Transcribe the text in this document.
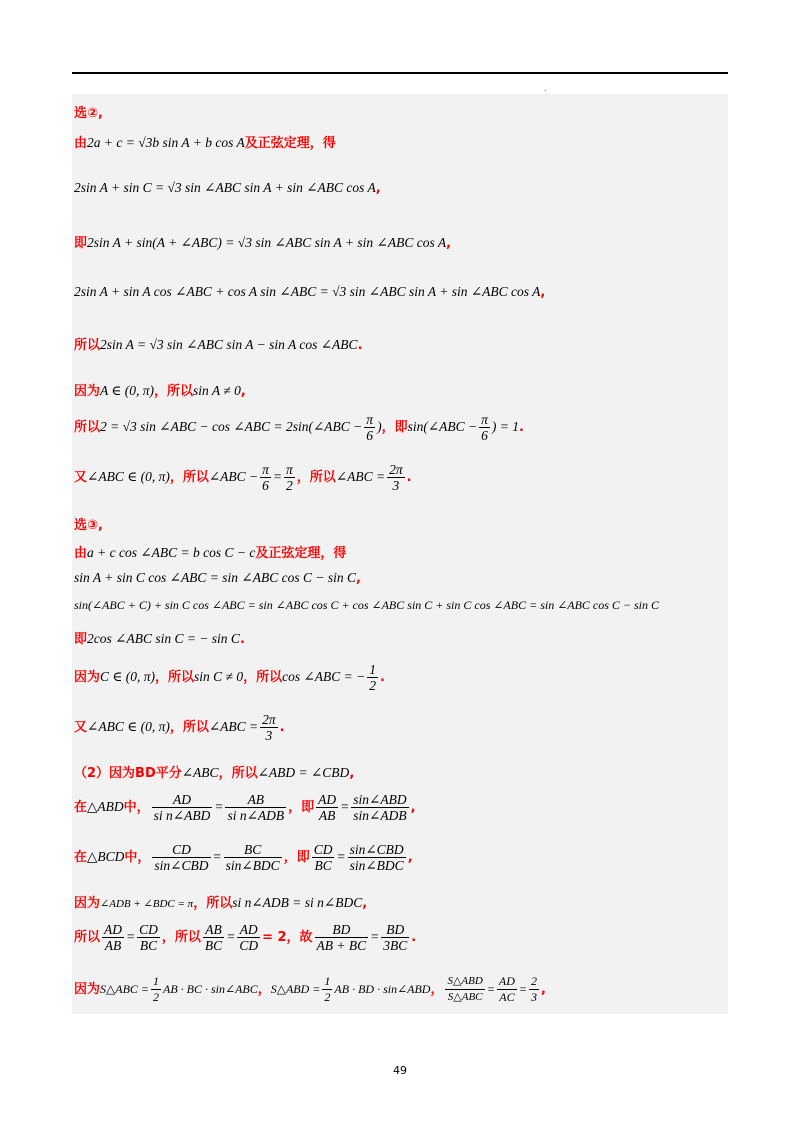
.
选②,
由2a + c = √3b sin A + b cos A及正弦定理，得
2sin A + sin C = √3 sin ∠ABC sin A + sin ∠ABC cos A,
即2sin A + sin(A + ∠ABC) = √3 sin ∠ABC sin A + sin ∠ABC cos A,
2sin A + sin A cos ∠ABC + cos A sin ∠ABC = √3 sin ∠ABC sin A + sin ∠ABC cos A,
所以2sin A = √3 sin ∠ABC sin A − sin A cos ∠ABC.
因为A ∈ (0, π)，所以sin A ≠ 0,
所以2 = √3 sin ∠ABC − cos ∠ABC = 2sin(∠ABC − $\frac{\pi}{6}$ )，即sin(∠ABC − $\frac{\pi}{6}$ ) = 1.
又∠ABC ∈ (0, π)，所以∠ABC − $\frac{\pi}{6} = \frac{\pi}{2}$ ，所以∠ABC = $\frac{2\pi}{3}$ .
选③,
由a + c cos ∠ABC = b cos C − c及正弦定理，得
sin A + sin C cos ∠ABC = sin ∠ABC cos C − sin C,
sin(∠ABC + C) + sin C cos ∠ABC = sin ∠ABC cos C + cos ∠ABC sin C + sin C cos ∠ABC = sin ∠ABC cos C − sin C
即2cos ∠ABC sin C = − sin C.
因为C ∈ (0, π)，所以sin C ≠ 0，所以cos ∠ABC = − $\frac{1}{2}$ .
又∠ABC ∈ (0, π)，所以∠ABC = $\frac{2\pi}{3}$ .
（2）因为BD平分∠ABC，所以∠ABD = ∠CBD,
在△ABD中， $\frac{AD}{\text{si n∠ABD}} = \frac{AB}{\text{si n∠ADB}}$ ，即 $\frac{AD}{AB} = \frac{\text{sin∠ABD}}{\text{sin∠ADB}}$ ,
在△BCD中， $\frac{CD}{\text{sin∠CBD}} = \frac{BC}{\text{sin∠BDC}}$ ，即 $\frac{CD}{BC} = \frac{\text{sin∠CBD}}{\text{sin∠BDC}}$ ,
因为∠ADB + ∠BDC = π，所以si n∠ADB = si n∠BDC,
所以 $\frac{AD}{AB} = \frac{CD}{BC}$ ，所以 $\frac{AB}{BC} = \frac{AD}{CD} = 2$，故 $\frac{BD}{AB + BC} = \frac{BD}{3BC}$ .
因为S△ABC = $\frac{1}{2}$ AB · BC · sin∠ABC，S△ABD = $\frac{1}{2}$ AB · BD · sin∠ABD， $\frac{\text{S△ABD}}{\text{S△ABC}} = \frac{AD}{AC} = \frac{2}{3}$ ,
49
